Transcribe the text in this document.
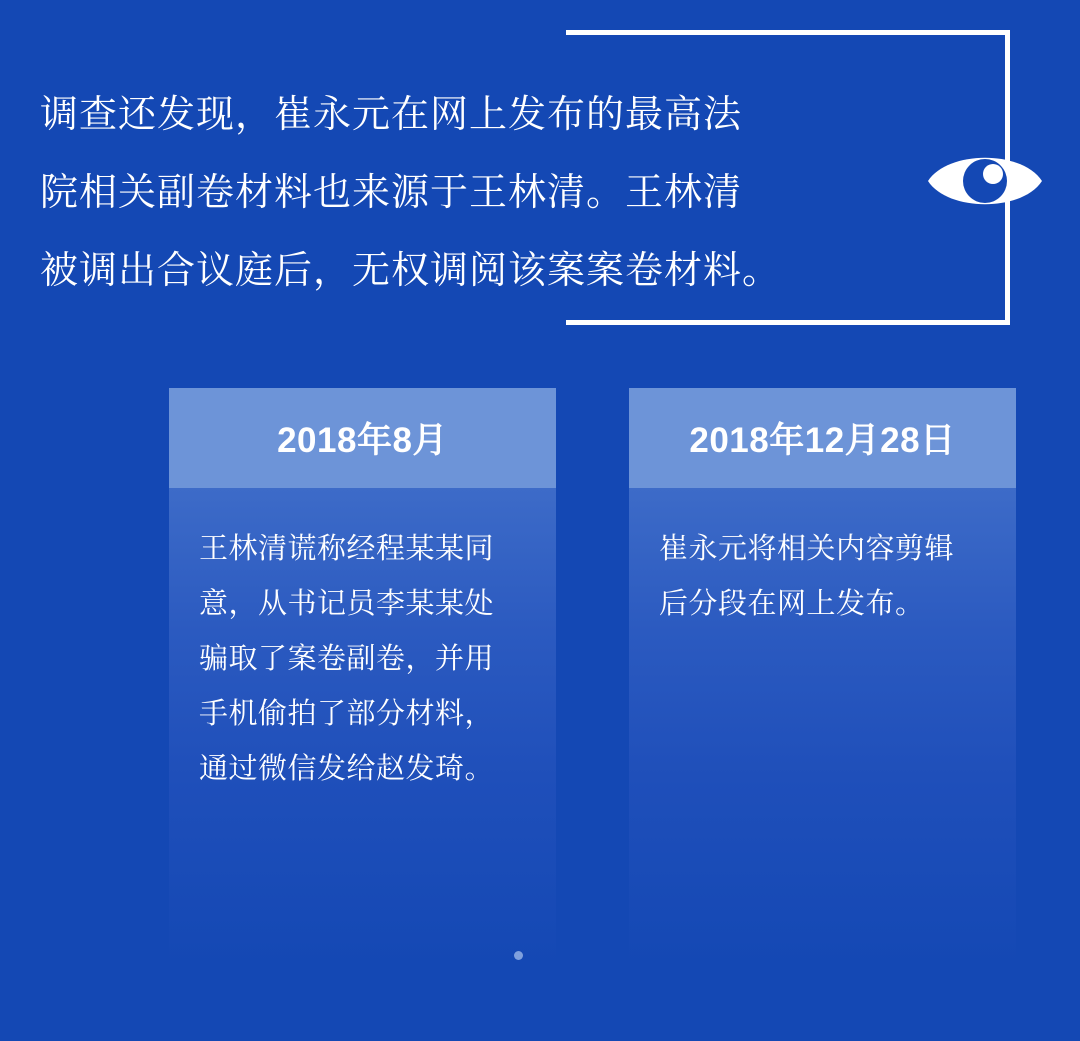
调查还发现，崔永元在网上发布的最高法
院相关副卷材料也来源于王林清。王林清
被调出合议庭后，无权调阅该案案卷材料。
2018年8月
王林清谎称经程某某同
意，从书记员李某某处
骗取了案卷副卷，并用
手机偷拍了部分材料，
通过微信发给赵发琦。
2018年12月28日
崔永元将相关内容剪辑
后分段在网上发布。
